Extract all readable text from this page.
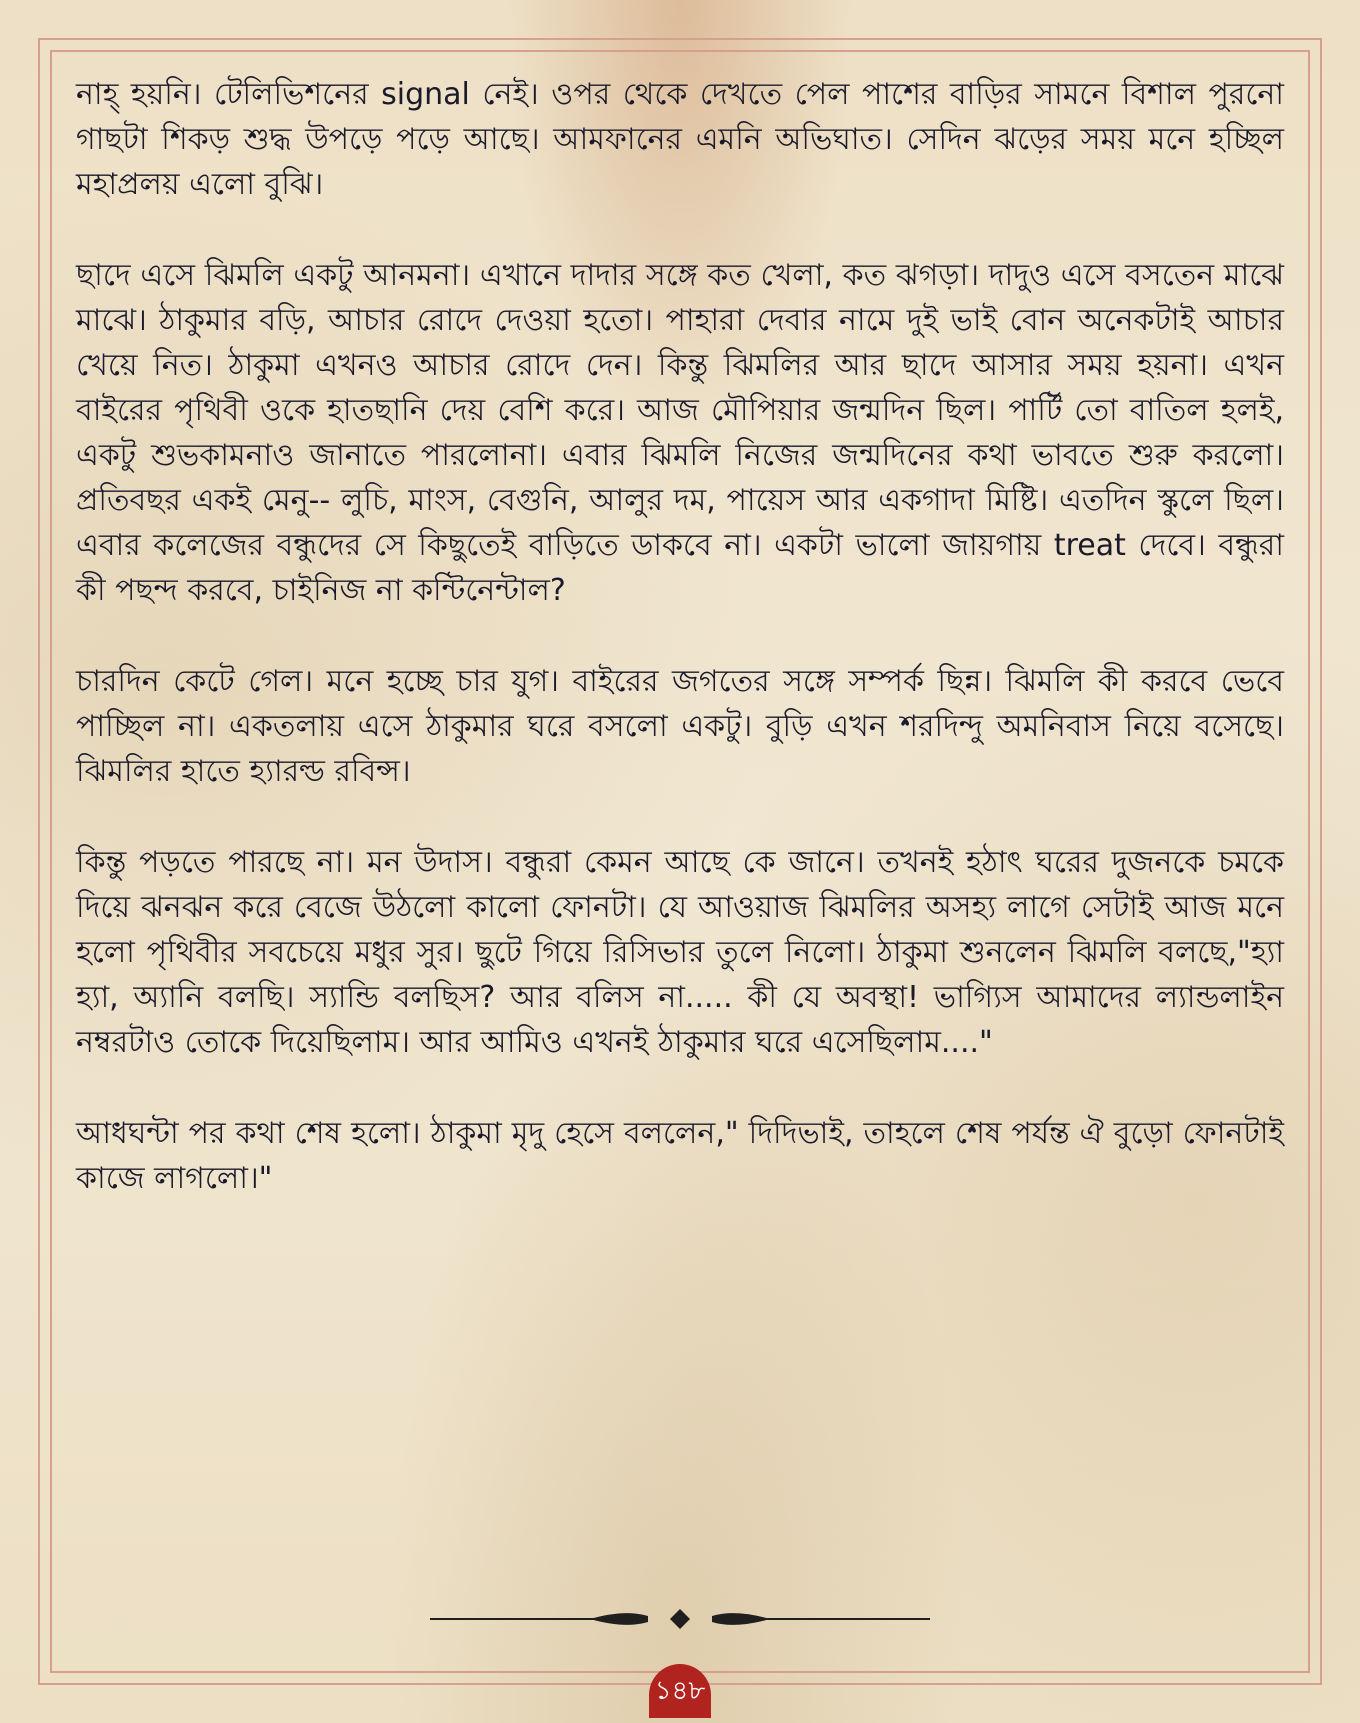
নাহ্ হয়নি। টেলিভিশনের signal নেই। ওপর থেকে দেখতে পেল পাশের বাড়ির সামনে বিশাল পুরনো গাছটা শিকড় শুদ্ধ উপড়ে পড়ে আছে। আমফানের এমনি অভিঘাত। সেদিন ঝড়ের সময় মনে হচ্ছিল মহাপ্রলয় এলো বুঝি।

ছাদে এসে ঝিমলি একটু আনমনা। এখানে দাদার সঙ্গে কত খেলা, কত ঝগড়া। দাদুও এসে বসতেন মাঝে মাঝে। ঠাকুমার বড়ি, আচার রোদে দেওয়া হতো। পাহারা দেবার নামে দুই ভাই বোন অনেকটাই আচার খেয়ে নিত। ঠাকুমা এখনও আচার রোদে দেন। কিন্তু ঝিমলির আর ছাদে আসার সময় হয়না। এখন বাইরের পৃথিবী ওকে হাতছানি দেয় বেশি করে। আজ মৌপিয়ার জন্মদিন ছিল। পার্টি তো বাতিল হলই, একটু শুভকামনাও জানাতে পারলোনা। এবার ঝিমলি নিজের জন্মদিনের কথা ভাবতে শুরু করলো। প্রতিবছর একই মেনু-- লুচি, মাংস, বেগুনি, আলুর দম, পায়েস আর একগাদা মিষ্টি। এতদিন স্কুলে ছিল। এবার কলেজের বন্ধুদের সে কিছুতেই বাড়িতে ডাকবে না। একটা ভালো জায়গায় treat দেবে। বন্ধুরা কী পছন্দ করবে, চাইনিজ না কন্টিনেন্টাল?

চারদিন কেটে গেল। মনে হচ্ছে চার যুগ। বাইরের জগতের সঙ্গে সম্পর্ক ছিন্ন। ঝিমলি কী করবে ভেবে পাচ্ছিল না। একতলায় এসে ঠাকুমার ঘরে বসলো একটু। বুড়ি এখন শরদিন্দু অমনিবাস নিয়ে বসেছে। ঝিমলির হাতে হ্যারল্ড রবিন্স।

কিন্তু পড়তে পারছে না। মন উদাস। বন্ধুরা কেমন আছে কে জানে। তখনই হঠাৎ ঘরের দুজনকে চমকে দিয়ে ঝনঝন করে বেজে উঠলো কালো ফোনটা। যে আওয়াজ ঝিমলির অসহ্য লাগে সেটাই আজ মনে হলো পৃথিবীর সবচেয়ে মধুর সুর। ছুটে গিয়ে রিসিভার তুলে নিলো। ঠাকুমা শুনলেন ঝিমলি বলছে,"হ্যা হ্যা, অ্যানি বলছি। স্যান্ডি বলছিস? আর বলিস না..... কী যে অবস্থা! ভাগ্যিস আমাদের ল্যান্ডলাইন নম্বরটাও তোকে দিয়েছিলাম। আর আমিও এখনই ঠাকুমার ঘরে এসেছিলাম...."

আধঘন্টা পর কথা শেষ হলো। ঠাকুমা মৃদু হেসে বললেন," দিদিভাই, তাহলে শেষ পর্যন্ত ঐ বুড়ো ফোনটাই কাজে লাগলো।"

১৪৮
